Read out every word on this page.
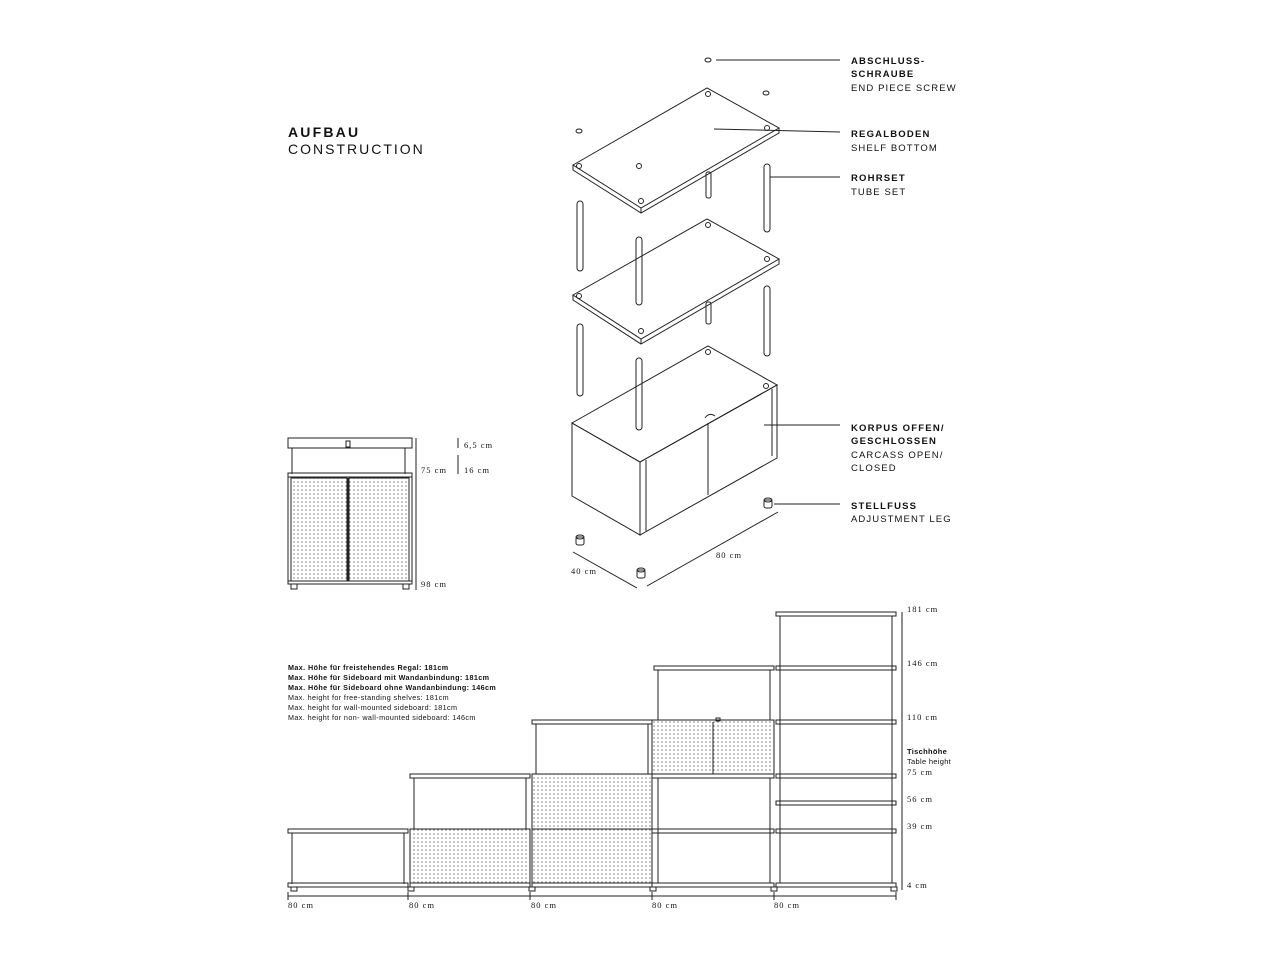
AUFBAU
CONSTRUCTION
ABSCHLUSS-
SCHRAUBE
END PIECE SCREW
REGALBODEN
SHELF BOTTOM
ROHRSET
TUBE SET
KORPUS OFFEN/
GESCHLOSSEN
CARCASS OPEN/
CLOSED
STELLFUSS
ADJUSTMENT LEG
40 cm
80 cm
6,5 cm
16 cm
75 cm
98 cm
Max. Höhe für freistehendes Regal: 181cm
Max. Höhe für Sideboard mit Wandanbindung: 181cm
Max. Höhe für Sideboard ohne Wandanbindung: 146cm
Max. height for free-standing shelves: 181cm
Max. height for wall-mounted sideboard: 181cm
Max. height for non- wall-mounted sideboard: 146cm
181 cm
146 cm
110 cm
Tischhöhe
Table height
75 cm
56 cm
39 cm
4 cm
80 cm	80 cm	80 cm	80 cm	80 cm
